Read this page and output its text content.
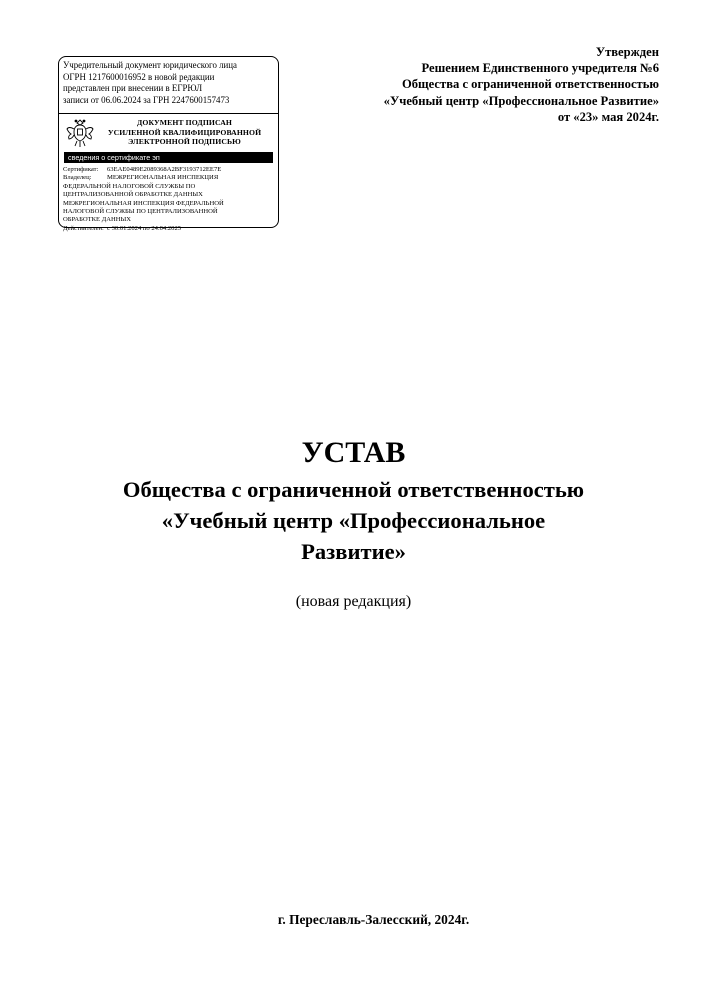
Учредительный документ юридического лица
ОГРН 1217600016952 в новой редакции
представлен при внесении в ЕГРЮЛ
записи от 06.06.2024 за ГРН 2247600157473
ДОКУМЕНТ ПОДПИСАН
УСИЛЕННОЙ КВАЛИФИЦИРОВАННОЙ
ЭЛЕКТРОННОЙ ПОДПИСЬЮ
сведения о сертификате эп
Сертификат: 63EAE0489E2089368A2BF3193712EE7E
Владелец: МЕЖРЕГИОНАЛЬНАЯ ИНСПЕКЦИЯ
ФЕДЕРАЛЬНОЙ НАЛОГОВОЙ СЛУЖБЫ ПО
ЦЕНТРАЛИЗОВАННОЙ ОБРАБОТКЕ ДАННЫХ
МЕЖРЕГИОНАЛЬНАЯ ИНСПЕКЦИЯ ФЕДЕРАЛЬНОЙ
НАЛОГОВОЙ СЛУЖБЫ ПО ЦЕНТРАЛИЗОВАННОЙ
ОБРАБОТКЕ ДАННЫХ
Действителен: с 30.01.2024 по 24.04.2025
Утвержден
Решением Единственного учредителя №6
Общества с ограниченной ответственностью
«Учебный центр «Профессиональное Развитие»
от «23» мая 2024г.
УСТАВ
Общества с ограниченной ответственностью
«Учебный центр «Профессиональное
Развитие»
(новая редакция)
г. Переславль-Залесский, 2024г.
